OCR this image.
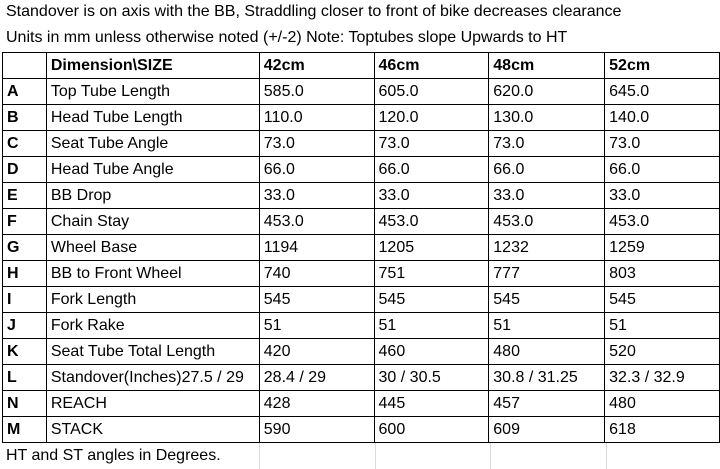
Standover is on axis with the BB, Straddling closer to front of bike decreases clearance
Units in mm unless otherwise noted (+/-2) Note: Toptubes slope Upwards to HT
	Dimension\SIZE	42cm	46cm	48cm	52cm
A	Top Tube Length	585.0	605.0	620.0	645.0
B	Head Tube Length	110.0	120.0	130.0	140.0
C	Seat Tube Angle	73.0	73.0	73.0	73.0
D	Head Tube Angle	66.0	66.0	66.0	66.0
E	BB Drop	33.0	33.0	33.0	33.0
F	Chain Stay	453.0	453.0	453.0	453.0
G	Wheel Base	1194	1205	1232	1259
H	BB to Front Wheel	740	751	777	803
I	Fork Length	545	545	545	545
J	Fork Rake	51	51	51	51
K	Seat Tube Total Length	420	460	480	520
L	Standover(Inches)27.5 / 29	28.4 / 29	30 / 30.5	30.8 / 31.25	32.3 / 32.9
N	REACH	428	445	457	480
M	STACK	590	600	609	618
HT and ST angles in Degrees.
